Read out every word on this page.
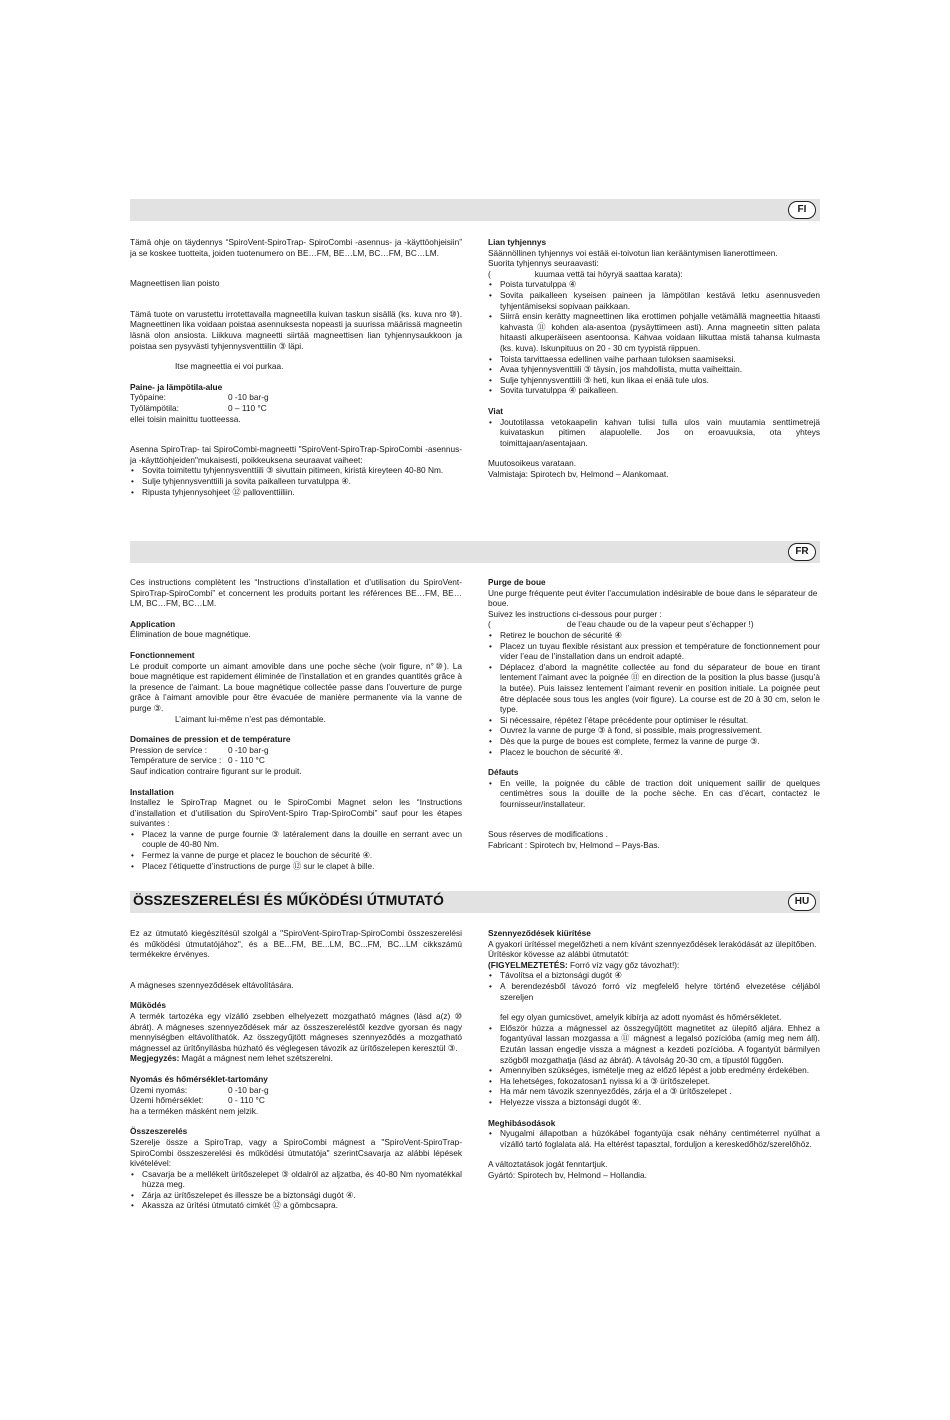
FI

Tämä ohje on täydennys “SpiroVent-SpiroTrap- SpiroCombi -asennus- ja -käyttöohjeisiin” ja se koskee tuotteita, joiden tuotenumero on BE…FM, BE…LM, BC…FM, BC…LM.

Magneettisen lian poisto

Tämä tuote on varustettu irrotettavalla magneetilla kuivan taskun sisällä (ks. kuva nro ⑩). Magneettinen lika voidaan poistaa asennuksesta nopeasti ja suurissa määrissä magneetin läsnä olon ansiosta. Liikkuva magneetti siirtää magneettisen lian tyhjennysaukkoon ja poistaa sen pysyvästi tyhjennysventtiilin ③ läpi.

Itse magneettia ei voi purkaa.

Paine- ja lämpötila-alue
Työpaine:	0 -10 bar-g
Työlämpötila:	0 – 110 °C

ellei toisin mainittu tuotteessa.

Asenna SpiroTrap- tai SpiroCombi-magneetti "SpiroVent-SpiroTrap-SpiroCombi -asennus- ja -käyttöohjeiden"mukaisesti, poikkeuksena seuraavat vaiheet:

• Sovita toimitettu tyhjennysventtiili ③ sivuttain pitimeen, kiristä kireyteen 40-80 Nm.
• Sulje tyhjennysventtiili ja sovita paikalleen turvatulppa ④.
• Ripusta tyhjennysohjeet ⑫ palloventtiiliin.
Lian tyhjennys
Säännöllinen tyhjennys voi estää ei-toivotun lian kerääntymisen lianerottimeen.
Suorita tyhjennys seuraavasti:
(	kuumaa vettä tai höyryä saattaa karata):
• Poista turvatulppa ④
• Sovita paikalleen kyseisen paineen ja lämpötilan kestävä letku asennusveden tyhjentämiseksi sopivaan paikkaan.
• Siirrä ensin kerätty magneettinen lika erottimen pohjalle vetämällä magneettia hitaasti kahvasta ⑪ kohden ala-asentoa (pysäyttimeen asti). Anna magneetin sitten palata hitaasti alkuperäiseen asentoonsa. Kahvaa voidaan liikuttaa mistä tahansa kulmasta (ks. kuva). Iskunpituus on 20 - 30 cm tyypistä riippuen.
• Toista tarvittaessa edellinen vaihe parhaan tuloksen saamiseksi.
• Avaa tyhjennysventtiili ③ täysin, jos mahdollista, mutta vaiheittain.
• Sulje tyhjennysventtiili ③ heti, kun likaa ei enää tule ulos.
• Sovita turvatulppa ④ paikalleen.
Viat
• Joutotilassa vetokaapelin kahvan tulisi tulla ulos vain muutamia senttimetrejä kuivataskun pitimen alapuolelle. Jos on eroavuuksia, ota yhteys toimittajaan/asentajaan.
Muutosoikeus varataan.
Valmistaja: Spirotech bv, Helmond – Alankomaat.
FR

Ces instructions complètent les “Instructions d’installation et d’utilisation du SpiroVent-SpiroTrap-SpiroCombi” et concernent les produits portant les références BE…FM, BE…LM, BC…FM, BC…LM.

Application

Élimination de boue magnétique.

Fonctionnement

Le produit comporte un aimant amovible dans une poche sèche (voir figure, n°⑩). La boue magnétique est rapidement éliminée de l’installation et en grandes quantités grâce à la presence de l’aimant. La boue magnétique collectée passe dans l’ouverture de purge grâce à l’aimant amovible pour être évacuée de manière permanente via la vanne de purge ③.

L’aimant lui-même n’est pas démontable.

Domaines de pression et de température
Pression de service :	0 -10 bar-g
Température de service : 0 - 110 °C

Sauf indication contraire figurant sur le produit.

Installation

Installez le SpiroTrap Magnet ou le SpiroCombi Magnet selon les “Instructions d’installation et d’utilisation du SpiroVent-Spiro Trap-SpiroCombi” sauf pour les étapes suivantes :

• Placez la vanne de purge fournie ③ latéralement dans la douille en serrant avec un couple de 40-80 Nm.
• Fermez la vanne de purge et placez le bouchon de sécurité ④.
• Placez l’étiquette d’instructions de purge ⑫ sur le clapet à bille.
Purge de boue
Une purge fréquente peut éviter l’accumulation indésirable de boue dans le séparateur de boue.
Suivez les instructions ci-dessous pour purger :
(	de l’eau chaude ou de la vapeur peut s’échapper !)
• Retirez le bouchon de sécurité ④
• Placez un tuyau flexible résistant aux pression et température de fonctionnement pour vider l’eau de l’installation dans un endroit adapté.
• Déplacez d’abord la magnétite collectée au fond du séparateur de boue en tirant lentement l’aimant avec la poignée ⑪ en direction de la position la plus basse (jusqu’à la butée). Puis laissez lentement l’aimant revenir en position initiale. La poignée peut être déplacée sous tous les angles (voir figure). La course est de 20 à 30 cm, selon le type.
• Si nécessaire, répétez l’étape précédente pour optimiser le résultat.
• Ouvrez la vanne de purge ③ à fond, si possible, mais progressivement.
• Dès que la purge de boues est complete, fermez la vanne de purge ③.
• Placez le bouchon de sécurité ④.
Défauts
• En veille, la poignée du câble de traction doit uniquement saillir de quelques centimètres sous la douille de la poche sèche. En cas d’écart, contactez le fournisseur/installateur.
Sous réserves de modifications .
Fabricant : Spirotech bv, Helmond – Pays-Bas.
ÖSSZESZERELÉSI ÉS MŰKÖDÉSI ÚTMUTATÓ	HU

Ez az útmutató kiegészítésül szolgál a "SpiroVent-SpiroTrap-SpiroCombi összeszerelési és működési útmutatójához", és a BE...FM, BE...LM, BC...FM, BC...LM cikkszámú termékekre érvényes.

A mágneses szennyeződések eltávolítására.

Működés

A termék tartozéka egy vízálló zsebben elhelyezett mozgatható mágnes (lásd a(z) ⑩ ábrát). A mágneses szennyeződések már az összeszereléstől kezdve gyorsan és nagy mennyiségben eltávolíthatók. Az összegyűjtött mágneses szennyeződés a mozgatható mágnessel az ürítőnyílásba húzható és véglegesen távozik az ürítőszelepen keresztül ③.

Megjegyzés: Magát a mágnest nem lehet szétszerelni.

Nyomás és hőmérséklet-tartomány
Üzemi nyomás:	0 -10 bar-g
Üzemi hőmérséklet:	0 - 110 °C

ha a terméken másként nem jelzik.

Összeszerelés

Szerelje össze a SpiroTrap, vagy a SpiroCombi mágnest a "SpiroVent-SpiroTrap-SpiroCombi összeszerelési és működési útmutatója" szerintCsavarja az alábbi lépések kivételével:

• Csavarja be a mellékelt ürítőszelepet ③ oldalról az aljzatba, és 40-80 Nm nyomatékkal húzza meg.
• Zárja az ürítőszelepet és illessze be a biztonsági dugót ④.
• Akassza az ürítési útmutató cimkét ⑫ a gömbcsapra.
Szennyeződések kiürítése
A gyakori ürítéssel megelőzheti a nem kívánt szennyeződések lerakódását az ülepítőben.
Ürítéskor kövesse az alábbi útmutatót:
(FIGYELMEZTETÉS: Forró víz vagy gőz távozhat!):
• Távolítsa el a biztonsági dugót ④
• A berendezésből távozó forró víz megfelelő helyre történő elvezetése céljából szereljen
fel egy olyan gumicsövet, amelyik kibírja az adott nyomást és hőmérsékletet.
• Először húzza a mágnessel az összegyűjtött magnetitet az ülepítő aljára. Ehhez a fogantyúval lassan mozgassa a ⑪ mágnest a legalsó pozícióba (amíg meg nem áll). Ezután lassan engedje vissza a mágnest a kezdeti pozícióba. A fogantyút bármilyen szögből mozgathatja (lásd az ábrát). A távolság 20-30 cm, a típustól függően.
• Amennyiben szükséges, ismételje meg az előző lépést a jobb eredmény érdekében.
• Ha lehetséges, fokozatosan1 nyissa ki a ③ ürítőszelepet.
• Ha már nem távozik szennyeződés, zárja el a ③ ürítőszelepet .
• Helyezze vissza a biztonsági dugót ④.
Meghibásodások
• Nyugalmi állapotban a húzókábel fogantyúja csak néhány centiméterrel nyúlhat a vízálló tartó foglalata alá. Ha eltérést tapasztal, forduljon a kereskedőhöz/szerelőhöz.
A változtatások jogát fenntartjuk.
Gyártó: Spirotech bv, Helmond – Hollandia.
